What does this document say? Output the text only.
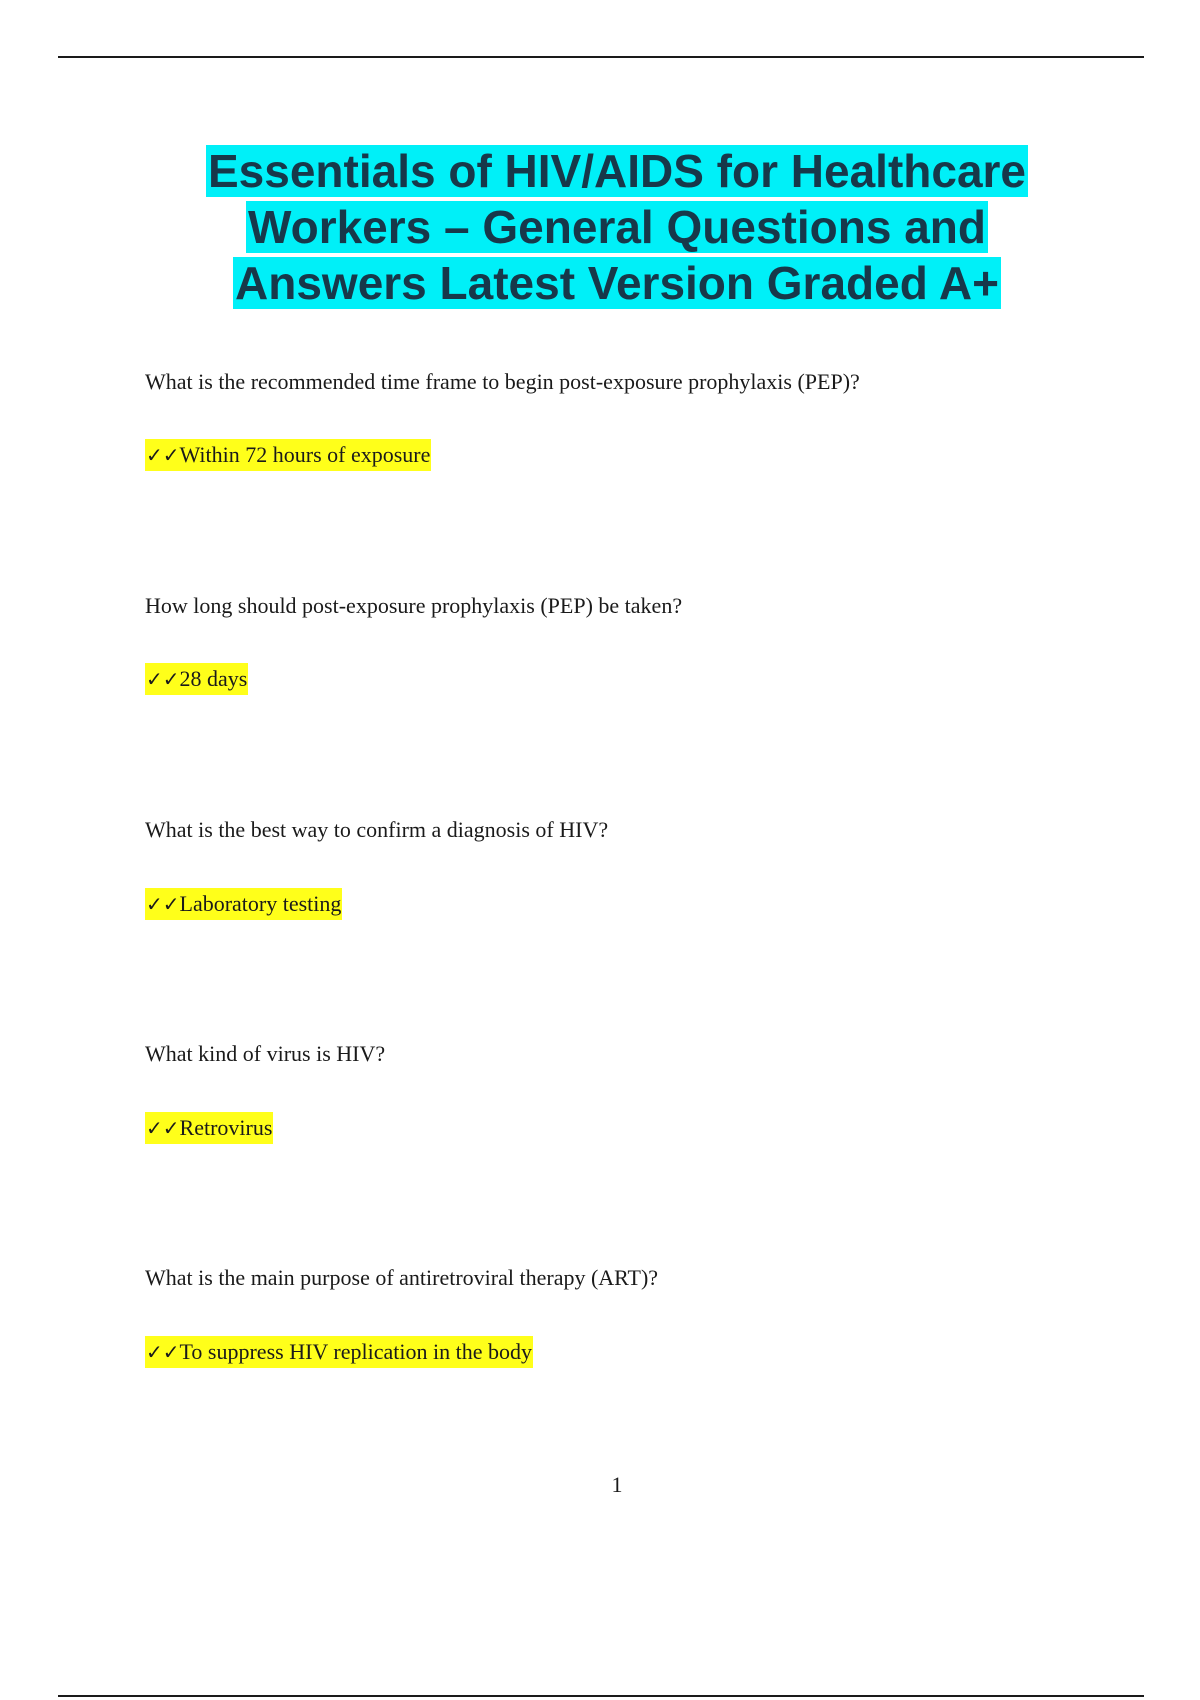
Essentials of HIV/AIDS for Healthcare Workers – General Questions and Answers Latest Version Graded A+
What is the recommended time frame to begin post-exposure prophylaxis (PEP)?
✓✓Within 72 hours of exposure
How long should post-exposure prophylaxis (PEP) be taken?
✓✓28 days
What is the best way to confirm a diagnosis of HIV?
✓✓Laboratory testing
What kind of virus is HIV?
✓✓Retrovirus
What is the main purpose of antiretroviral therapy (ART)?
✓✓To suppress HIV replication in the body
1
